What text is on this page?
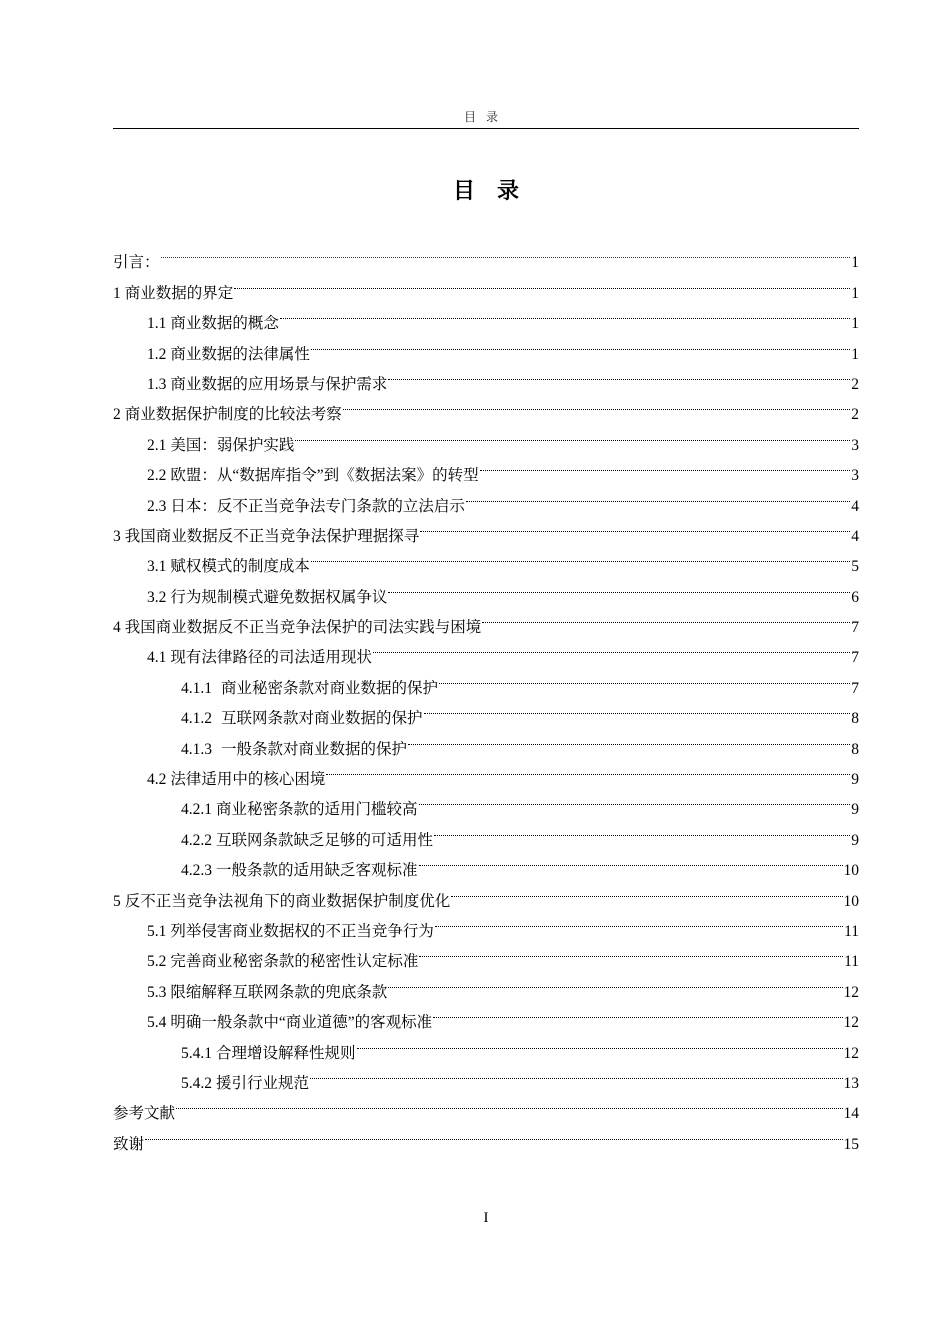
目录
目录
引言：	1
1 商业数据的界定	1
1.1 商业数据的概念	1
1.2 商业数据的法律属性	1
1.3 商业数据的应用场景与保护需求	2
2 商业数据保护制度的比较法考察	2
2.1 美国：弱保护实践	3
2.2 欧盟：从“数据库指令”到《数据法案》的转型	3
2.3 日本：反不正当竞争法专门条款的立法启示	4
3 我国商业数据反不正当竞争法保护理据探寻	4
3.1 赋权模式的制度成本	5
3.2 行为规制模式避免数据权属争议	6
4 我国商业数据反不正当竞争法保护的司法实践与困境	7
4.1 现有法律路径的司法适用现状	7
4.1.1 商业秘密条款对商业数据的保护	7
4.1.2 互联网条款对商业数据的保护	8
4.1.3 一般条款对商业数据的保护	8
4.2 法律适用中的核心困境	9
4.2.1 商业秘密条款的适用门槛较高	9
4.2.2 互联网条款缺乏足够的可适用性	9
4.2.3 一般条款的适用缺乏客观标准	10
5 反不正当竞争法视角下的商业数据保护制度优化	10
5.1 列举侵害商业数据权的不正当竞争行为	11
5.2 完善商业秘密条款的秘密性认定标准	11
5.3 限缩解释互联网条款的兜底条款	12
5.4 明确一般条款中“商业道德”的客观标准	12
5.4.1 合理增设解释性规则	12
5.4.2 援引行业规范	13
参考文献	14
致谢	15
I
